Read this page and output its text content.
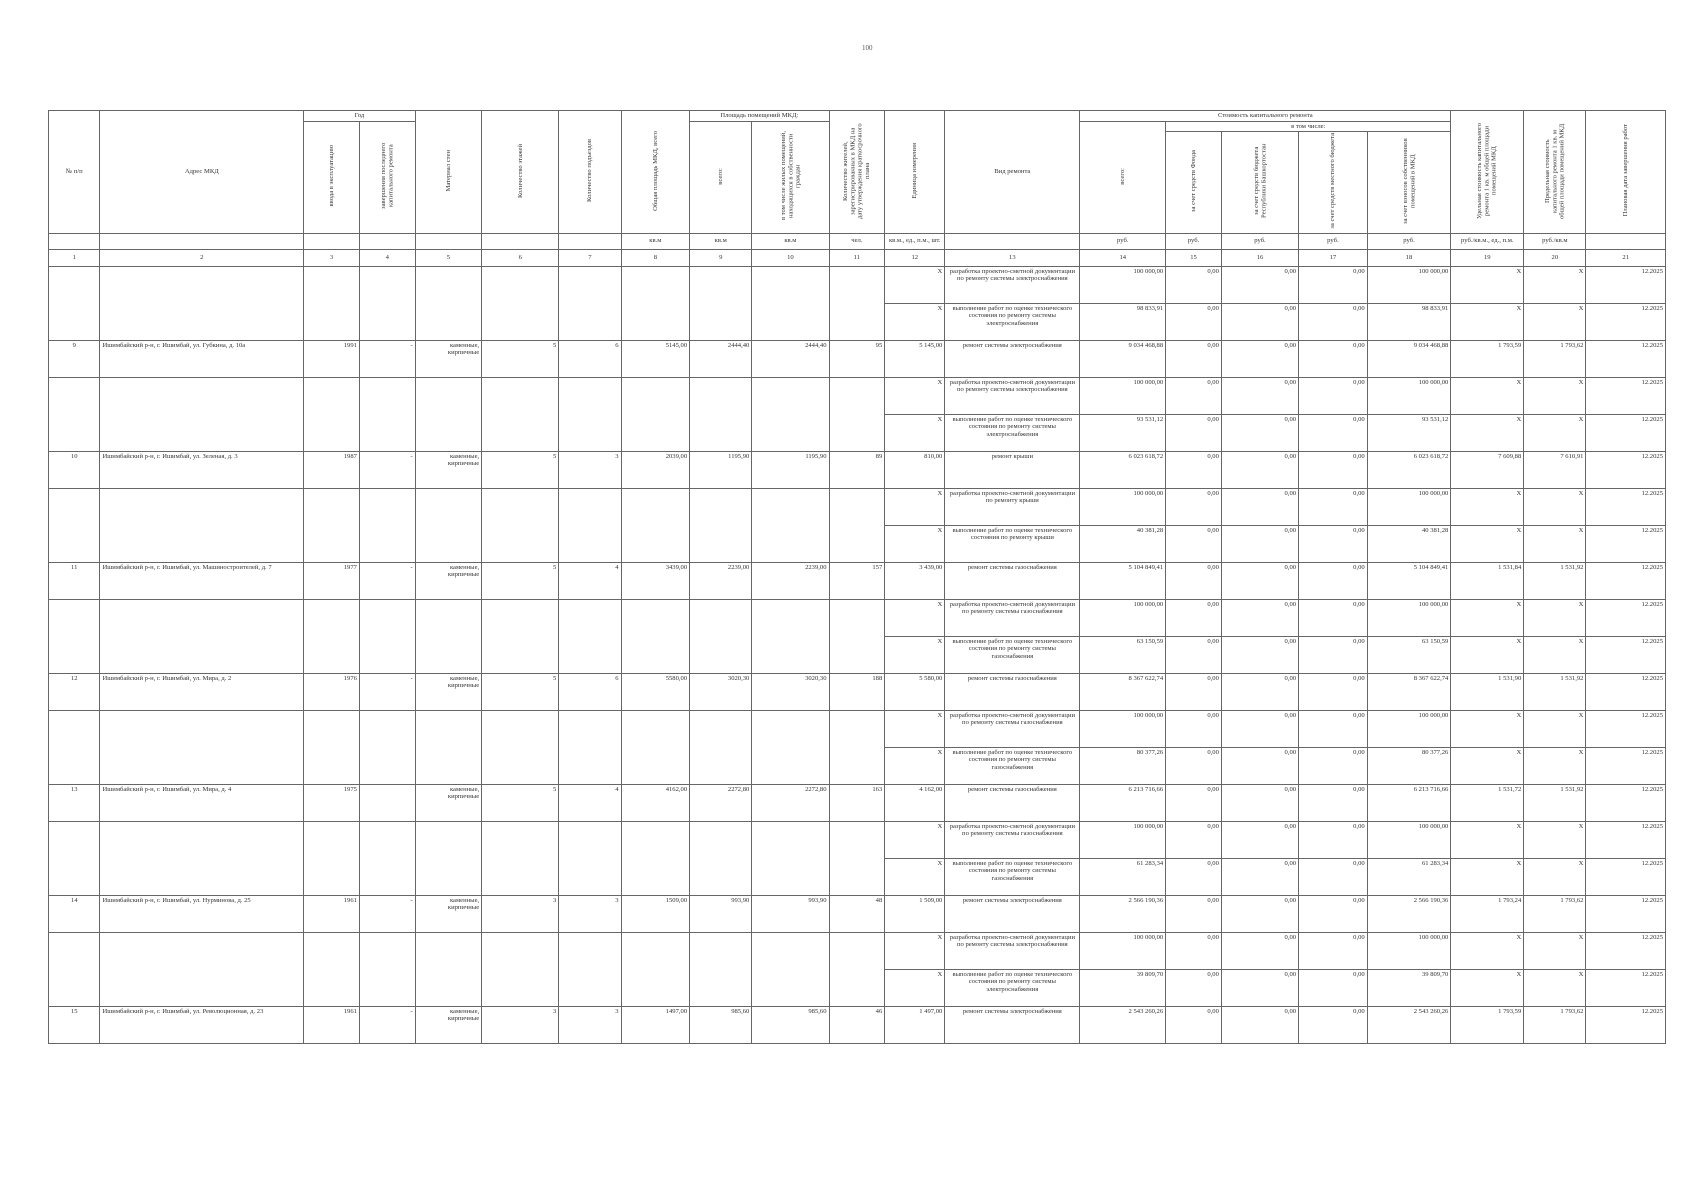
100
№ п/п	Адрес МКД	Год		Материал стен	Количество этажей	Количество подъездов	Общая площадь МКД, всего	Площадь помещений МКД:		Количество жителей, зарегистрированных в МКД на дату утверждения краткосрочного плана	Единица измерения	Вид ремонта	Стоимость капитального ремонта					Удельная стоимость капитального ремонта 1 кв. м общей площади помещений МКД	Предельная стоимость капитального ремонта 1 кв. м общей площади помещений МКД	Плановая дата завершения работ
		ввода в эксплуатацию	завершения последнего капитального ремонта					всего:	в том числе жилых помещений, находящихся в собственности граждан				всего:	в том числе:						
														за счет средств Фонда	за счет средств бюджета Республики Башкортостан	за счет средств местного бюджета	за счет взносов собственников помещений в МКД			
							кв.м	кв.м	кв.м	чел.	кв.м., ед., п.м., шт.		руб.	руб.	руб.	руб.	руб.	руб./кв.м., ед., п.м.	руб./кв.м	
1	2	3	4	5	6	7	8	9	10	11	12	13	14	15	16	17	18	19	20	21
											X	разработка проектно-сметной документации по ремонту системы электроснабжения	100 000,00	0,00	0,00	0,00	100 000,00	X	X	12.2025
											X	выполнение работ по оценке технического состояния по ремонту системы электроснабжения	98 833,91	0,00	0,00	0,00	98 833,91	X	X	12.2025
9	Ишимбайский р-н, г. Ишимбай, ул. Губкина, д. 10а	1991	-	каменные, кирпичные	5	6	5145,00	2444,40	2444,40	95	5 145,00	ремонт системы электроснабжения	9 034 468,88	0,00	0,00	0,00	9 034 468,88	1 793,59	1 793,62	12.2025
											X	разработка проектно-сметной документации по ремонту системы электроснабжения	100 000,00	0,00	0,00	0,00	100 000,00	X	X	12.2025
											X	выполнение работ по оценке технического состояния по ремонту системы электроснабжения	93 531,12	0,00	0,00	0,00	93 531,12	X	X	12.2025
10	Ишимбайский р-н, г. Ишимбай, ул. Зеленая, д. 3	1987	-	каменные, кирпичные	5	3	2039,00	1195,90	1195,90	89	810,00	ремонт крыши	6 023 618,72	0,00	0,00	0,00	6 023 618,72	7 609,88	7 610,91	12.2025
											X	разработка проектно-сметной документации по ремонту крыши	100 000,00	0,00	0,00	0,00	100 000,00	X	X	12.2025
											X	выполнение работ по оценке технического состояния по ремонту крыши	40 381,28	0,00	0,00	0,00	40 381,28	X	X	12.2025
11	Ишимбайский р-н, г. Ишимбай, ул. Машиностроителей, д. 7	1977	-	каменные, кирпичные	5	4	3439,00	2239,00	2239,00	157	3 439,00	ремонт системы газоснабжения	5 104 849,41	0,00	0,00	0,00	5 104 849,41	1 531,84	1 531,92	12.2025
											X	разработка проектно-сметной документации по ремонту системы газоснабжения	100 000,00	0,00	0,00	0,00	100 000,00	X	X	12.2025
											X	выполнение работ по оценке технического состояния по ремонту системы газоснабжения	63 150,59	0,00	0,00	0,00	63 150,59	X	X	12.2025
12	Ишимбайский р-н, г. Ишимбай, ул. Мира, д. 2	1976	-	каменные, кирпичные	5	6	5580,00	3020,30	3020,30	188	5 580,00	ремонт системы газоснабжения	8 367 622,74	0,00	0,00	0,00	8 367 622,74	1 531,90	1 531,92	12.2025
											X	разработка проектно-сметной документации по ремонту системы газоснабжения	100 000,00	0,00	0,00	0,00	100 000,00	X	X	12.2025
											X	выполнение работ по оценке технического состояния по ремонту системы газоснабжения	80 377,26	0,00	0,00	0,00	80 377,26	X	X	12.2025
13	Ишимбайский р-н, г. Ишимбай, ул. Мира, д. 4	1975		каменные, кирпичные	5	4	4162,00	2272,80	2272,80	163	4 162,00	ремонт системы газоснабжения	6 213 716,66	0,00	0,00	0,00	6 213 716,66	1 531,72	1 531,92	12.2025
											X	разработка проектно-сметной документации по ремонту системы газоснабжения	100 000,00	0,00	0,00	0,00	100 000,00	X	X	12.2025
											X	выполнение работ по оценке технического состояния по ремонту системы газоснабжения	61 283,34	0,00	0,00	0,00	61 283,34	X	X	12.2025
14	Ишимбайский р-н, г. Ишимбай, ул. Нурминова, д. 25	1961	-	каменные, кирпичные	3	3	1509,00	993,90	993,90	48	1 509,00	ремонт системы электроснабжения	2 566 190,36	0,00	0,00	0,00	2 566 190,36	1 793,24	1 793,62	12.2025
											X	разработка проектно-сметной документации по ремонту системы электроснабжения	100 000,00	0,00	0,00	0,00	100 000,00	X	X	12.2025
											X	выполнение работ по оценке технического состояния по ремонту системы электроснабжения	39 809,70	0,00	0,00	0,00	39 809,70	X	X	12.2025
15	Ишимбайский р-н, г. Ишимбай, ул. Революционная, д. 23	1961	-	каменные, кирпичные	3	3	1497,00	985,60	985,60	46	1 497,00	ремонт системы электроснабжения	2 543 260,26	0,00	0,00	0,00	2 543 260,26	1 793,59	1 793,62	12.2025
